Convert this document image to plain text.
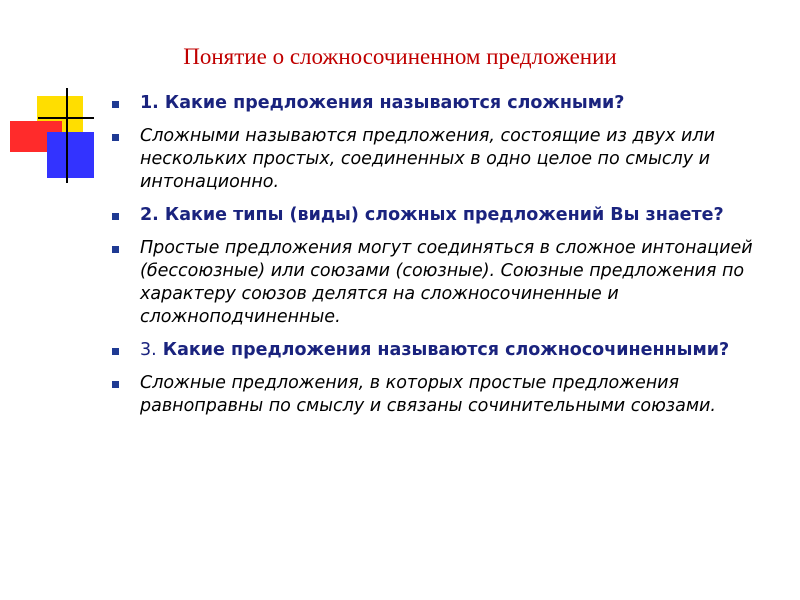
Понятие о сложносочиненном предложении
1. Какие предложения называются сложными?
Сложными называются предложения, состоящие из двух или нескольких простых, соединенных в одно целое по смыслу и интонационно.
2. Какие типы (виды) сложных предложений Вы знаете?
Простые предложения могут соединяться в сложное интонацией (бессоюзные) или союзами (союзные). Союзные предложения по характеру союзов делятся на сложносочиненные и сложноподчиненные.
3. Какие предложения называются сложносочиненными?
Сложные предложения, в которых простые предложения равноправны по смыслу и связаны сочинительными союзами.
